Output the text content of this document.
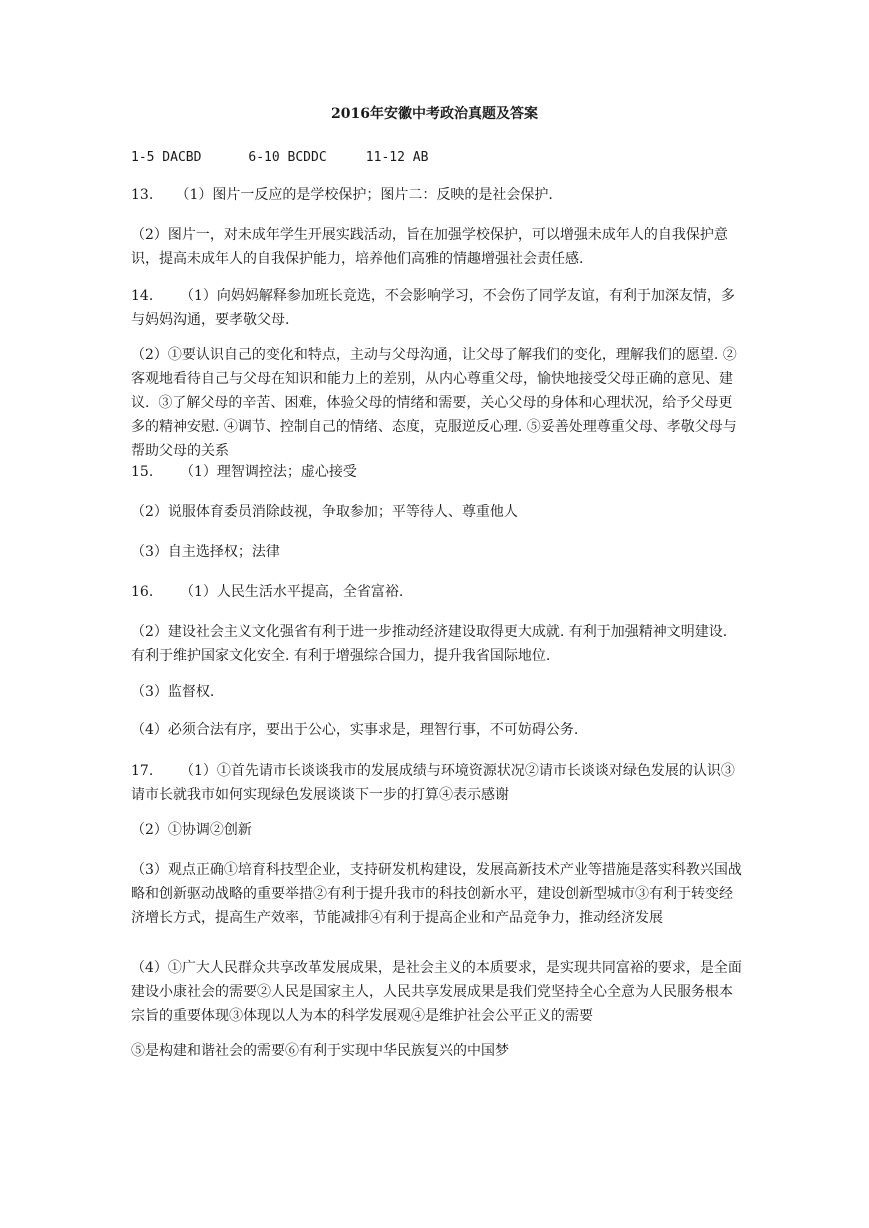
2016年安徽中考政治真题及答案

1-5 DACBD      6-10 BCDDC     11-12 AB

13.     （1）图片一反应的是学校保护；图片二：反映的是社会保护.

（2）图片一，对未成年学生开展实践活动，旨在加强学校保护，可以增强未成年人的自我保护意识，提高未成年人的自我保护能力，培养他们高雅的情趣增强社会责任感.

14.      （1）向妈妈解释参加班长竞选，不会影响学习，不会伤了同学友谊，有利于加深友情，多与妈妈沟通，要孝敬父母.

（2）①要认识自己的变化和特点，主动与父母沟通，让父母了解我们的变化，理解我们的愿望. ②客观地看待自己与父母在知识和能力上的差别，从内心尊重父母，愉快地接受父母正确的意见、建议.  ③了解父母的辛苦、困难，体验父母的情绪和需要，关心父母的身体和心理状况，给予父母更多的精神安慰. ④调节、控制自己的情绪、态度，克服逆反心理. ⑤妥善处理尊重父母、孝敬父母与帮助父母的关系

15.      （1）理智调控法；虚心接受

（2）说服体育委员消除歧视，争取参加；平等待人、尊重他人

（3）自主选择权；法律

16.      （1）人民生活水平提高，全省富裕.

（2）建设社会主义文化强省有利于进一步推动经济建设取得更大成就. 有利于加强精神文明建设. 有利于维护国家文化安全. 有利于增强综合国力，提升我省国际地位.

（3）监督权.

（4）必须合法有序，要出于公心，实事求是，理智行事，不可妨碍公务.

17.      （1）①首先请市长谈谈我市的发展成绩与环境资源状况②请市长谈谈对绿色发展的认识③请市长就我市如何实现绿色发展谈谈下一步的打算④表示感谢

（2）①协调②创新

（3）观点正确①培育科技型企业，支持研发机构建设，发展高新技术产业等措施是落实科教兴国战略和创新驱动战略的重要举措②有利于提升我市的科技创新水平，建设创新型城市③有利于转变经济增长方式，提高生产效率，节能减排④有利于提高企业和产品竞争力，推动经济发展

（4）①广大人民群众共享改革发展成果，是社会主义的本质要求，是实现共同富裕的要求，是全面建设小康社会的需要②人民是国家主人，人民共享发展成果是我们党坚持全心全意为人民服务根本宗旨的重要体现③体现以人为本的科学发展观④是维护社会公平正义的需要

⑤是构建和谐社会的需要⑥有利于实现中华民族复兴的中国梦
